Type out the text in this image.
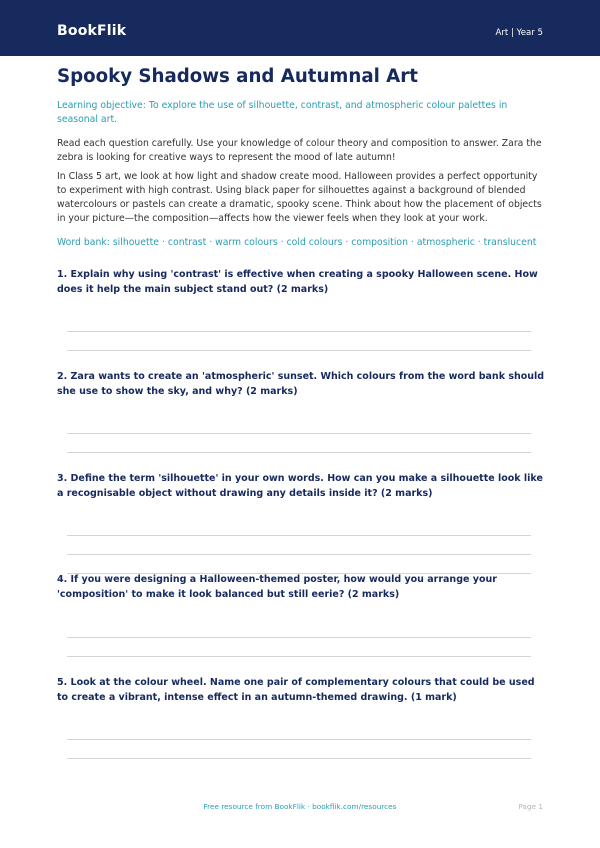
BookFlik	Art | Year 5
Spooky Shadows and Autumnal Art
Learning objective: To explore the use of silhouette, contrast, and atmospheric colour palettes in seasonal art.
Read each question carefully. Use your knowledge of colour theory and composition to answer. Zara the zebra is looking for creative ways to represent the mood of late autumn!
In Class 5 art, we look at how light and shadow create mood. Halloween provides a perfect opportunity to experiment with high contrast. Using black paper for silhouettes against a background of blended watercolours or pastels can create a dramatic, spooky scene. Think about how the placement of objects in your picture—the composition—affects how the viewer feels when they look at your work.
Word bank: silhouette · contrast · warm colours · cold colours · composition · atmospheric · translucent
1. Explain why using 'contrast' is effective when creating a spooky Halloween scene. How does it help the main subject stand out? (2 marks)
2. Zara wants to create an 'atmospheric' sunset. Which colours from the word bank should she use to show the sky, and why? (2 marks)
3. Define the term 'silhouette' in your own words. How can you make a silhouette look like a recognisable object without drawing any details inside it? (2 marks)
4. If you were designing a Halloween-themed poster, how would you arrange your 'composition' to make it look balanced but still eerie? (2 marks)
5. Look at the colour wheel. Name one pair of complementary colours that could be used to create a vibrant, intense effect in an autumn-themed drawing. (1 mark)
Free resource from BookFlik · bookflik.com/resources	Page 1
